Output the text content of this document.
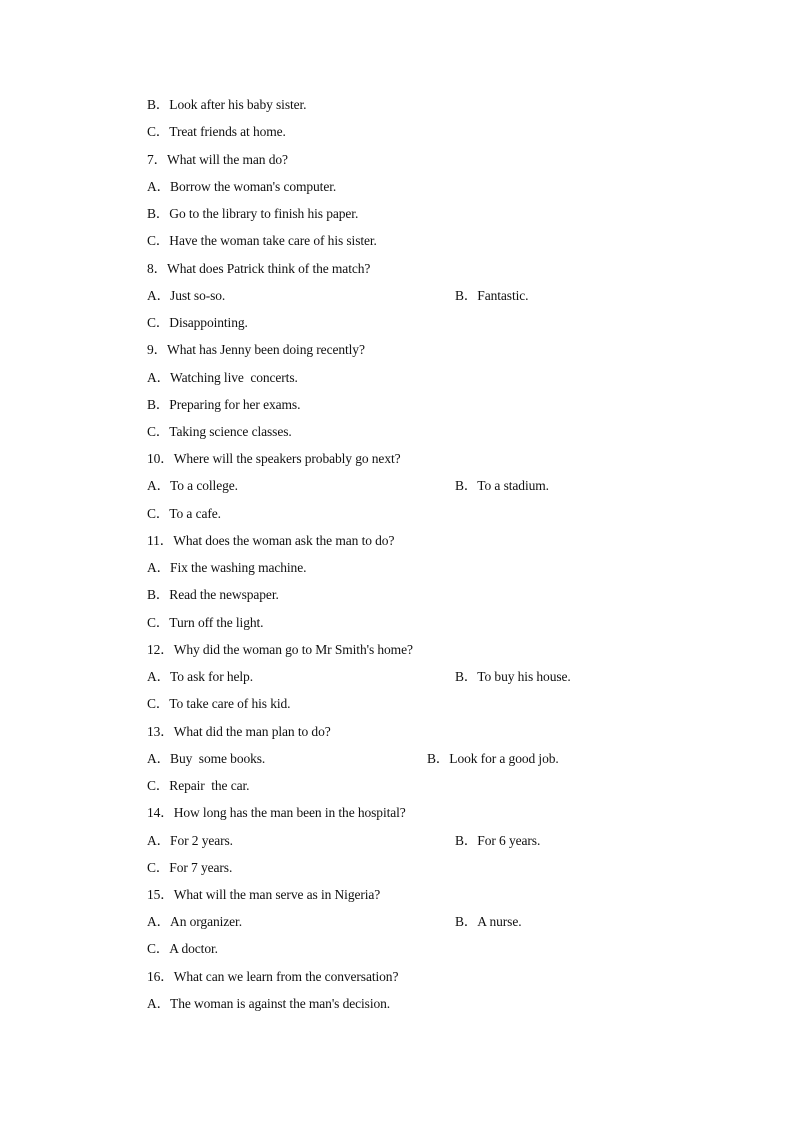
B．Look after his baby sister.
C．Treat friends at home.
7．What will the man do?
A．Borrow the woman's computer.
B．Go to the library to finish his paper.
C．Have the woman take care of his sister.
8．What does Patrick think of the match?
A．Just so-so.	B．Fantastic.
C．Disappointing.
9．What has Jenny been doing recently?
A．Watching live  concerts.
B．Preparing for her exams.
C．Taking science classes.
10．Where will the speakers probably go next?
A．To a college.	B．To a stadium.
C．To a cafe.
11．What does the woman ask the man to do?
A．Fix the washing machine.
B．Read the newspaper.
C．Turn off the light.
12．Why did the woman go to Mr Smith's home?
A．To ask for help.	B．To buy his house.
C．To take care of his kid.
13．What did the man plan to do?
A．Buy  some books.	B．Look for a good job.
C．Repair  the car.
14．How long has the man been in the hospital?
A．For 2 years.	B．For 6 years.
C．For 7 years.
15．What will the man serve as in Nigeria?
A．An organizer.	B．A nurse.
C．A doctor.
16．What can we learn from the conversation?
A．The woman is against the man's decision.
